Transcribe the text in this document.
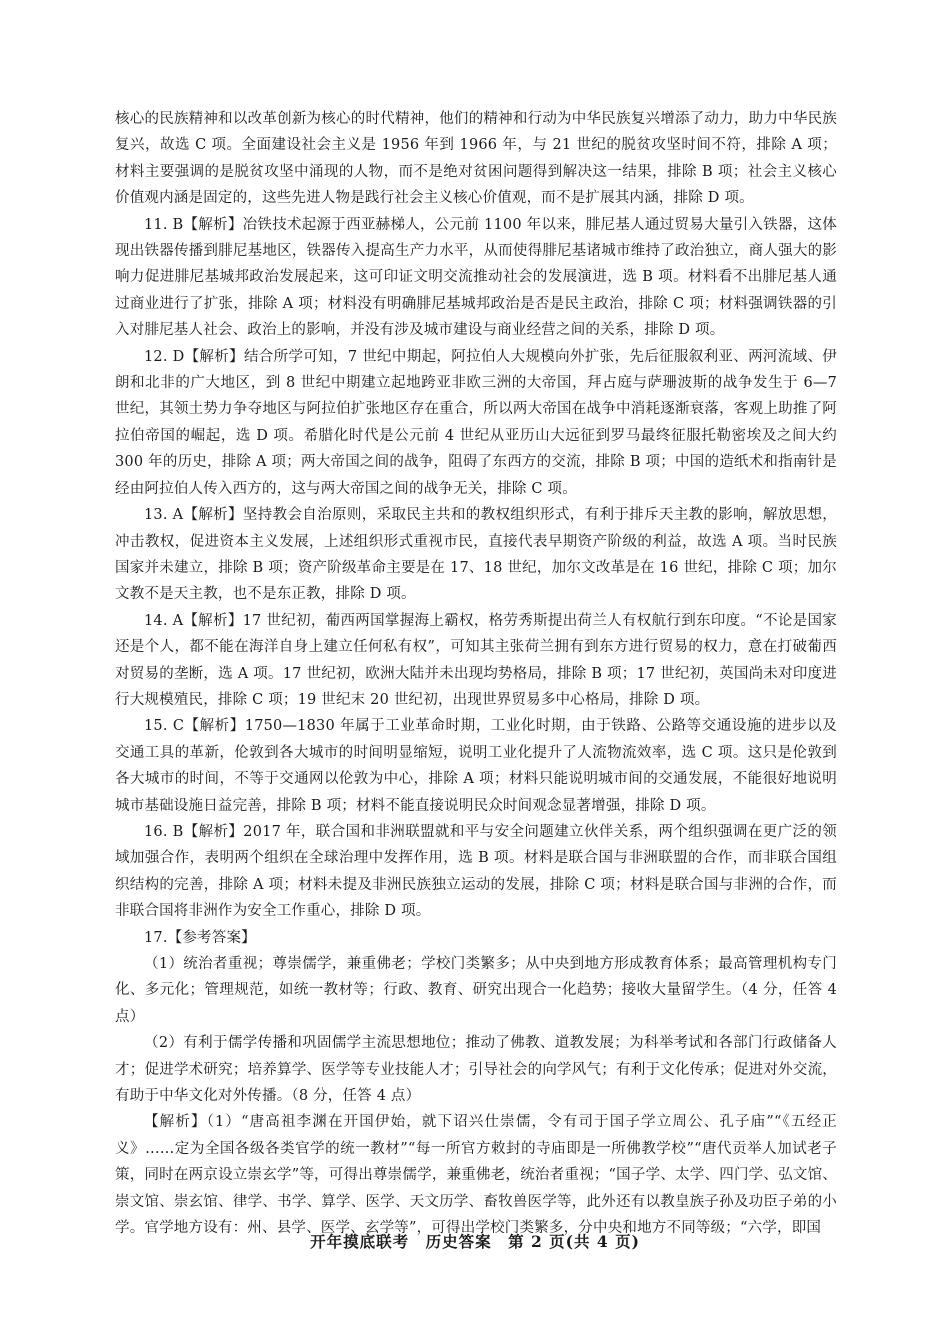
核心的民族精神和以改革创新为核心的时代精神，他们的精神和行动为中华民族复兴增添了动力，助力中华民族复兴，故选 C 项。全面建设社会主义是 1956 年到 1966 年，与 21 世纪的脱贫攻坚时间不符，排除 A 项；材料主要强调的是脱贫攻坚中涌现的人物，而不是绝对贫困问题得到解决这一结果，排除 B 项；社会主义核心价值观内涵是固定的，这些先进人物是践行社会主义核心价值观，而不是扩展其内涵，排除 D 项。

11. B【解析】冶铁技术起源于西亚赫梯人，公元前 1100 年以来，腓尼基人通过贸易大量引入铁器，这体现出铁器传播到腓尼基地区，铁器传入提高生产力水平，从而使得腓尼基诸城市维持了政治独立，商人强大的影响力促进腓尼基城邦政治发展起来，这可印证文明交流推动社会的发展演进，选 B 项。材料看不出腓尼基人通过商业进行了扩张，排除 A 项；材料没有明确腓尼基城邦政治是否是民主政治，排除 C 项；材料强调铁器的引入对腓尼基人社会、政治上的影响，并没有涉及城市建设与商业经营之间的关系，排除 D 项。

12. D【解析】结合所学可知，7 世纪中期起，阿拉伯人大规模向外扩张，先后征服叙利亚、两河流域、伊朗和北非的广大地区，到 8 世纪中期建立起地跨亚非欧三洲的大帝国，拜占庭与萨珊波斯的战争发生于 6—7 世纪，其领土势力争夺地区与阿拉伯扩张地区存在重合，所以两大帝国在战争中消耗逐渐衰落，客观上助推了阿拉伯帝国的崛起，选 D 项。希腊化时代是公元前 4 世纪从亚历山大远征到罗马最终征服托勒密埃及之间大约 300 年的历史，排除 A 项；两大帝国之间的战争，阻碍了东西方的交流，排除 B 项；中国的造纸术和指南针是经由阿拉伯人传入西方的，这与两大帝国之间的战争无关，排除 C 项。

13. A【解析】坚持教会自治原则，采取民主共和的教权组织形式，有利于排斥天主教的影响，解放思想，冲击教权，促进资本主义发展，上述组织形式重视市民，直接代表早期资产阶级的利益，故选 A 项。当时民族国家并未建立，排除 B 项；资产阶级革命主要是在 17、18 世纪，加尔文改革是在 16 世纪，排除 C 项；加尔文教不是天主教，也不是东正教，排除 D 项。

14. A【解析】17 世纪初，葡西两国掌握海上霸权，格劳秀斯提出荷兰人有权航行到东印度。“不论是国家还是个人，都不能在海洋自身上建立任何私有权”，可知其主张荷兰拥有到东方进行贸易的权力，意在打破葡西对贸易的垄断，选 A 项。17 世纪初，欧洲大陆并未出现均势格局，排除 B 项；17 世纪初，英国尚未对印度进行大规模殖民，排除 C 项；19 世纪末 20 世纪初，出现世界贸易多中心格局，排除 D 项。

15. C【解析】1750—1830 年属于工业革命时期，工业化时期，由于铁路、公路等交通设施的进步以及交通工具的革新，伦敦到各大城市的时间明显缩短，说明工业化提升了人流物流效率，选 C 项。这只是伦敦到各大城市的时间，不等于交通网以伦敦为中心，排除 A 项；材料只能说明城市间的交通发展，不能很好地说明城市基础设施日益完善，排除 B 项；材料不能直接说明民众时间观念显著增强，排除 D 项。

16. B【解析】2017 年，联合国和非洲联盟就和平与安全问题建立伙伴关系，两个组织强调在更广泛的领域加强合作，表明两个组织在全球治理中发挥作用，选 B 项。材料是联合国与非洲联盟的合作，而非联合国组织结构的完善，排除 A 项；材料未提及非洲民族独立运动的发展，排除 C 项；材料是联合国与非洲的合作，而非联合国将非洲作为安全工作重心，排除 D 项。

17.【参考答案】

（1）统治者重视；尊崇儒学，兼重佛老；学校门类繁多；从中央到地方形成教育体系；最高管理机构专门化、多元化；管理规范，如统一教材等；行政、教育、研究出现合一化趋势；接收大量留学生。（4 分，任答 4 点）

（2）有利于儒学传播和巩固儒学主流思想地位；推动了佛教、道教发展；为科举考试和各部门行政储备人才；促进学术研究；培养算学、医学等专业技能人才；引导社会的向学风气；有利于文化传承；促进对外交流，有助于中华文化对外传播。（8 分，任答 4 点）

【解析】（1）“唐高祖李渊在开国伊始，就下诏兴仕崇儒，令有司于国子学立周公、孔子庙”“《五经正义》……定为全国各级各类官学的统一教材”“每一所官方敕封的寺庙即是一所佛教学校”“唐代贡举人加试老子策，同时在两京设立崇玄学”等，可得出尊崇儒学，兼重佛老，统治者重视；“国子学、太学、四门学、弘文馆、崇文馆、崇玄馆、律学、书学、算学、医学、天文历学、畜牧兽医学等，此外还有以教皇族子孙及功臣子弟的小学。官学地方设有：州、县学、医学、玄学等”，可得出学校门类繁多，分中央和地方不同等级；“六学，即国

开年摸底联考　历史答案　第 2 页(共 4 页)
